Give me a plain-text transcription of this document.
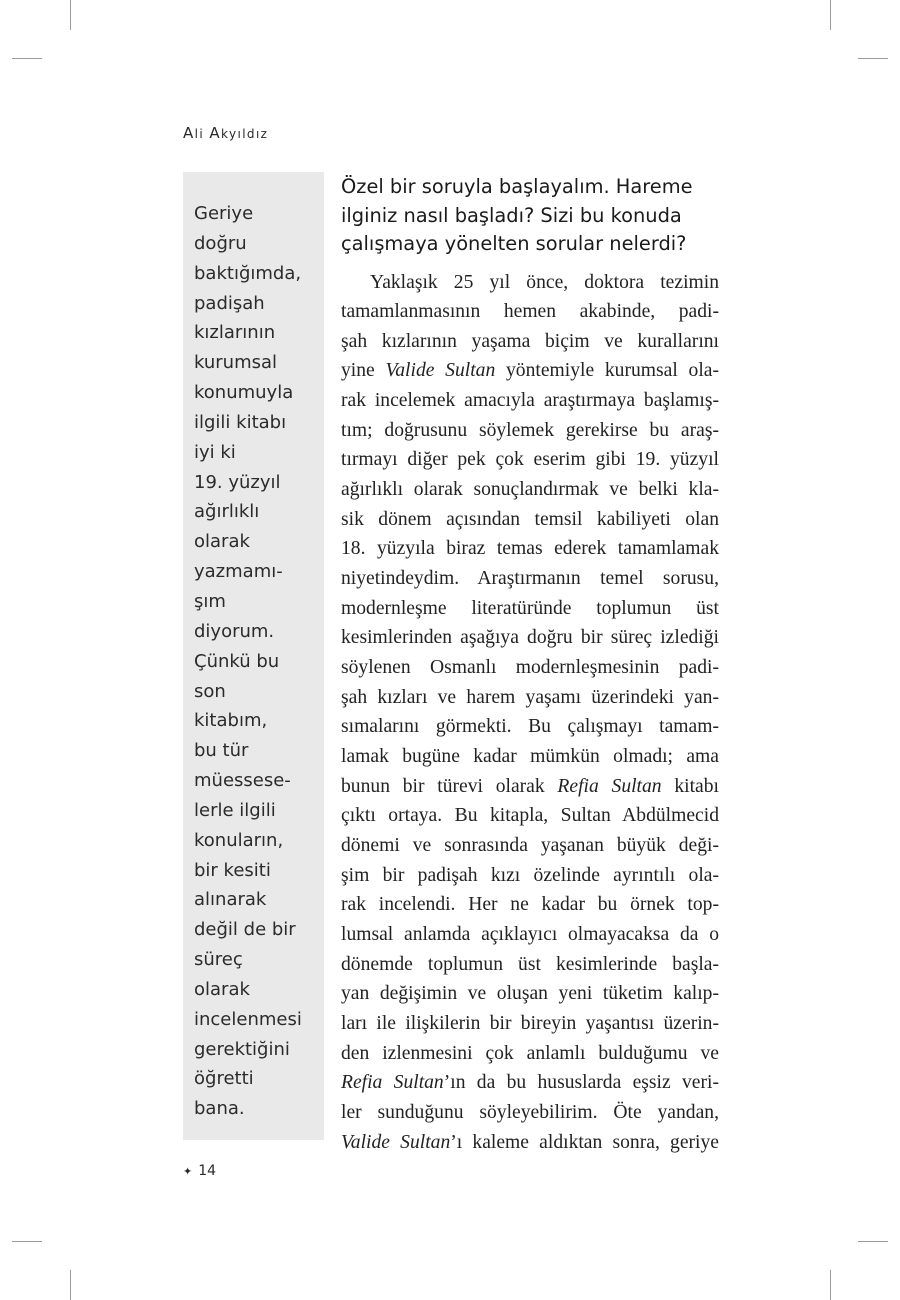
Ali Akyıldız
Geriye
doğru
baktığımda,
padişah
kızlarının
kurumsal
konumuyla
ilgili kitabı
iyi ki
19. yüzyıl
ağırlıklı
olarak
yazmamı-
şım
diyorum.
Çünkü bu
son
kitabım,
bu tür
müessese-
lerle ilgili
konuların,
bir kesiti
alınarak
değil de bir
süreç
olarak
incelenmesi
gerektiğini
öğretti
bana.
Özel bir soruyla başlayalım. Hareme
ilginiz nasıl başladı? Sizi bu konuda
çalışmaya yönelten sorular nelerdi?
Yaklaşık 25 yıl önce, doktora tezimin
tamamlanmasının hemen akabinde, padi-
şah kızlarının yaşama biçim ve kurallarını
yine Valide Sultan yöntemiyle kurumsal ola-
rak incelemek amacıyla araştırmaya başlamış-
tım; doğrusunu söylemek gerekirse bu araş-
tırmayı diğer pek çok eserim gibi 19. yüzyıl
ağırlıklı olarak sonuçlandırmak ve belki kla-
sik dönem açısından temsil kabiliyeti olan
18. yüzyıla biraz temas ederek tamamlamak
niyetindeydim. Araştırmanın temel sorusu,
modernleşme literatüründe toplumun üst
kesimlerinden aşağıya doğru bir süreç izlediği
söylenen Osmanlı modernleşmesinin padi-
şah kızları ve harem yaşamı üzerindeki yan-
sımalarını görmekti. Bu çalışmayı tamam-
lamak bugüne kadar mümkün olmadı; ama
bunun bir türevi olarak Refia Sultan kitabı
çıktı ortaya. Bu kitapla, Sultan Abdülmecid
dönemi ve sonrasında yaşanan büyük deği-
şim bir padişah kızı özelinde ayrıntılı ola-
rak incelendi. Her ne kadar bu örnek top-
lumsal anlamda açıklayıcı olmayacaksa da o
dönemde toplumun üst kesimlerinde başla-
yan değişimin ve oluşan yeni tüketim kalıp-
ları ile ilişkilerin bir bireyin yaşantısı üzerin-
den izlenmesini çok anlamlı bulduğumu ve
Refia Sultan’ın da bu hususlarda eşsiz veri-
ler sunduğunu söyleyebilirim. Öte yandan,
Valide Sultan’ı kaleme aldıktan sonra, geriye
✦ 14
